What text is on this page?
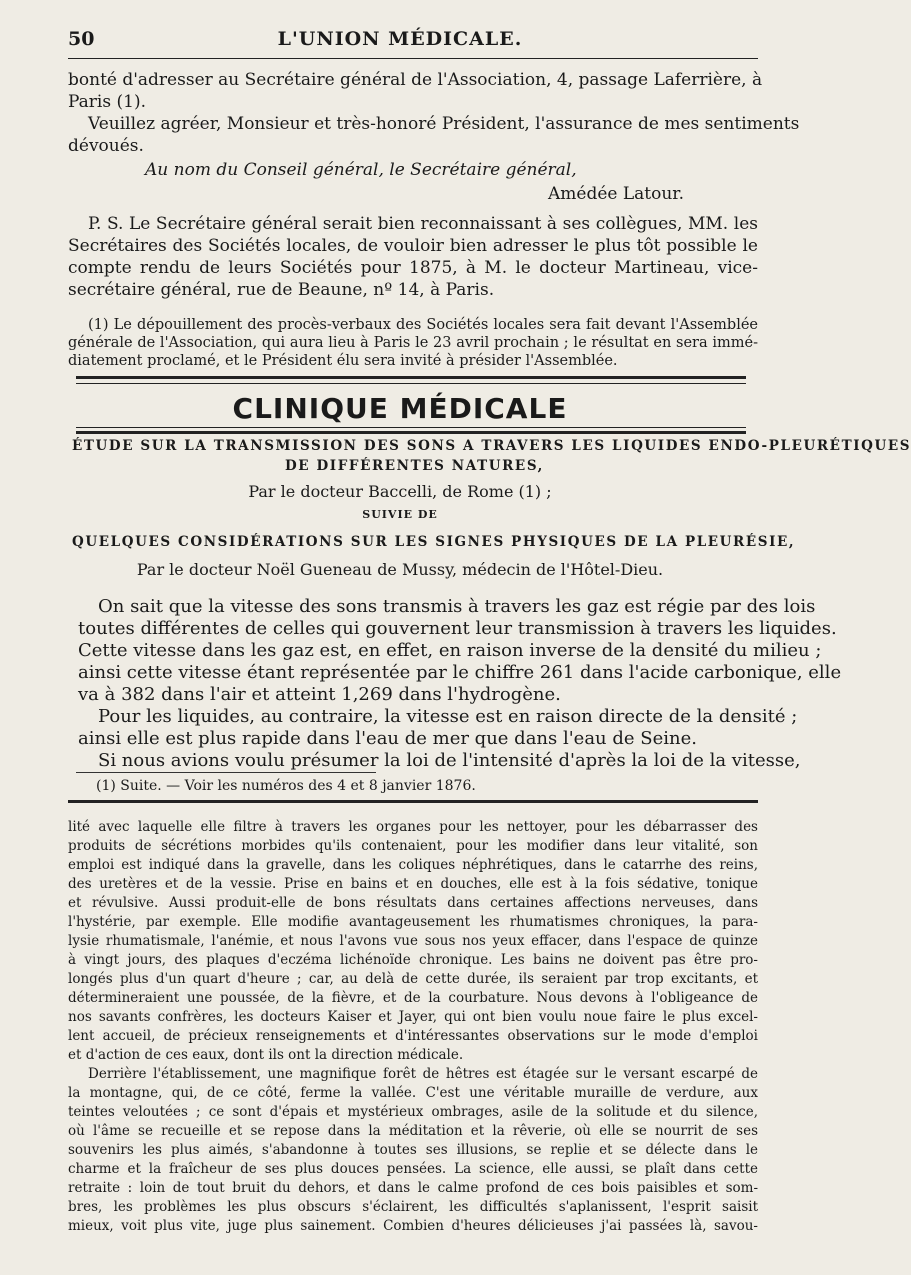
50	L'UNION MÉDICALE.
bonté d'adresser au Secrétaire général de l'Association, 4, passage Laferrière, à
Paris (1).
Veuillez agréer, Monsieur et très-honoré Président, l'assurance de mes sentiments
dévoués.
Au nom du Conseil général, le Secrétaire général,
Amédée Latour.
P. S. Le Secrétaire général serait bien reconnaissant à ses collègues, MM. les
Secrétaires des Sociétés locales, de vouloir bien adresser le plus tôt possible le
compte rendu de leurs Sociétés pour 1875, à M. le docteur Martineau, vice-
secrétaire général, rue de Beaune, nº 14, à Paris.
(1) Le dépouillement des procès-verbaux des Sociétés locales sera fait devant l'Assemblée
générale de l'Association, qui aura lieu à Paris le 23 avril prochain ; le résultat en sera immé-
diatement proclamé, et le Président élu sera invité à présider l'Assemblée.
CLINIQUE MÉDICALE
ÉTUDE SUR LA TRANSMISSION DES SONS A TRAVERS LES LIQUIDES ENDO-PLEURÉTIQUES
DE DIFFÉRENTES NATURES,
Par le docteur Baccelli, de Rome (1) ;
SUIVIE DE
QUELQUES CONSIDÉRATIONS SUR LES SIGNES PHYSIQUES DE LA PLEURÉSIE,
Par le docteur Noël Gueneau de Mussy, médecin de l'Hôtel-Dieu.
On sait que la vitesse des sons transmis à travers les gaz est régie par des lois
toutes différentes de celles qui gouvernent leur transmission à travers les liquides.
Cette vitesse dans les gaz est, en effet, en raison inverse de la densité du milieu ;
ainsi cette vitesse étant représentée par le chiffre 261 dans l'acide carbonique, elle
va à 382 dans l'air et atteint 1,269 dans l'hydrogène.
Pour les liquides, au contraire, la vitesse est en raison directe de la densité ;
ainsi elle est plus rapide dans l'eau de mer que dans l'eau de Seine.
Si nous avions voulu présumer la loi de l'intensité d'après la loi de la vitesse,
(1) Suite. — Voir les numéros des 4 et 8 janvier 1876.
lité avec laquelle elle filtre à travers les organes pour les nettoyer, pour les débarrasser des
produits de sécrétions morbides qu'ils contenaient, pour les modifier dans leur vitalité, son
emploi est indiqué dans la gravelle, dans les coliques néphrétiques, dans le catarrhe des reins,
des uretères et de la vessie. Prise en bains et en douches, elle est à la fois sédative, tonique
et révulsive. Aussi produit-elle de bons résultats dans certaines affections nerveuses, dans
l'hystérie, par exemple. Elle modifie avantageusement les rhumatismes chroniques, la para-
lysie rhumatismale, l'anémie, et nous l'avons vue sous nos yeux effacer, dans l'espace de quinze
à vingt jours, des plaques d'eczéma lichénoïde chronique. Les bains ne doivent pas être pro-
longés plus d'un quart d'heure ; car, au delà de cette durée, ils seraient par trop excitants, et
détermineraient une poussée, de la fièvre, et de la courbature. Nous devons à l'obligeance de
nos savants confrères, les docteurs Kaiser et Jayer, qui ont bien voulu noue faire le plus excel-
lent accueil, de précieux renseignements et d'intéressantes observations sur le mode d'emploi
et d'action de ces eaux, dont ils ont la direction médicale.
Derrière l'établissement, une magnifique forêt de hêtres est étagée sur le versant escarpé de
la montagne, qui, de ce côté, ferme la vallée. C'est une véritable muraille de verdure, aux
teintes veloutées ; ce sont d'épais et mystérieux ombrages, asile de la solitude et du silence,
où l'âme se recueille et se repose dans la méditation et la rêverie, où elle se nourrit de ses
souvenirs les plus aimés, s'abandonne à toutes ses illusions, se replie et se délecte dans le
charme et la fraîcheur de ses plus douces pensées. La science, elle aussi, se plaît dans cette
retraite : loin de tout bruit du dehors, et dans le calme profond de ces bois paisibles et som-
bres, les problèmes les plus obscurs s'éclairent, les difficultés s'aplanissent, l'esprit saisit
mieux, voit plus vite, juge plus sainement. Combien d'heures délicieuses j'ai passées là, savou-
